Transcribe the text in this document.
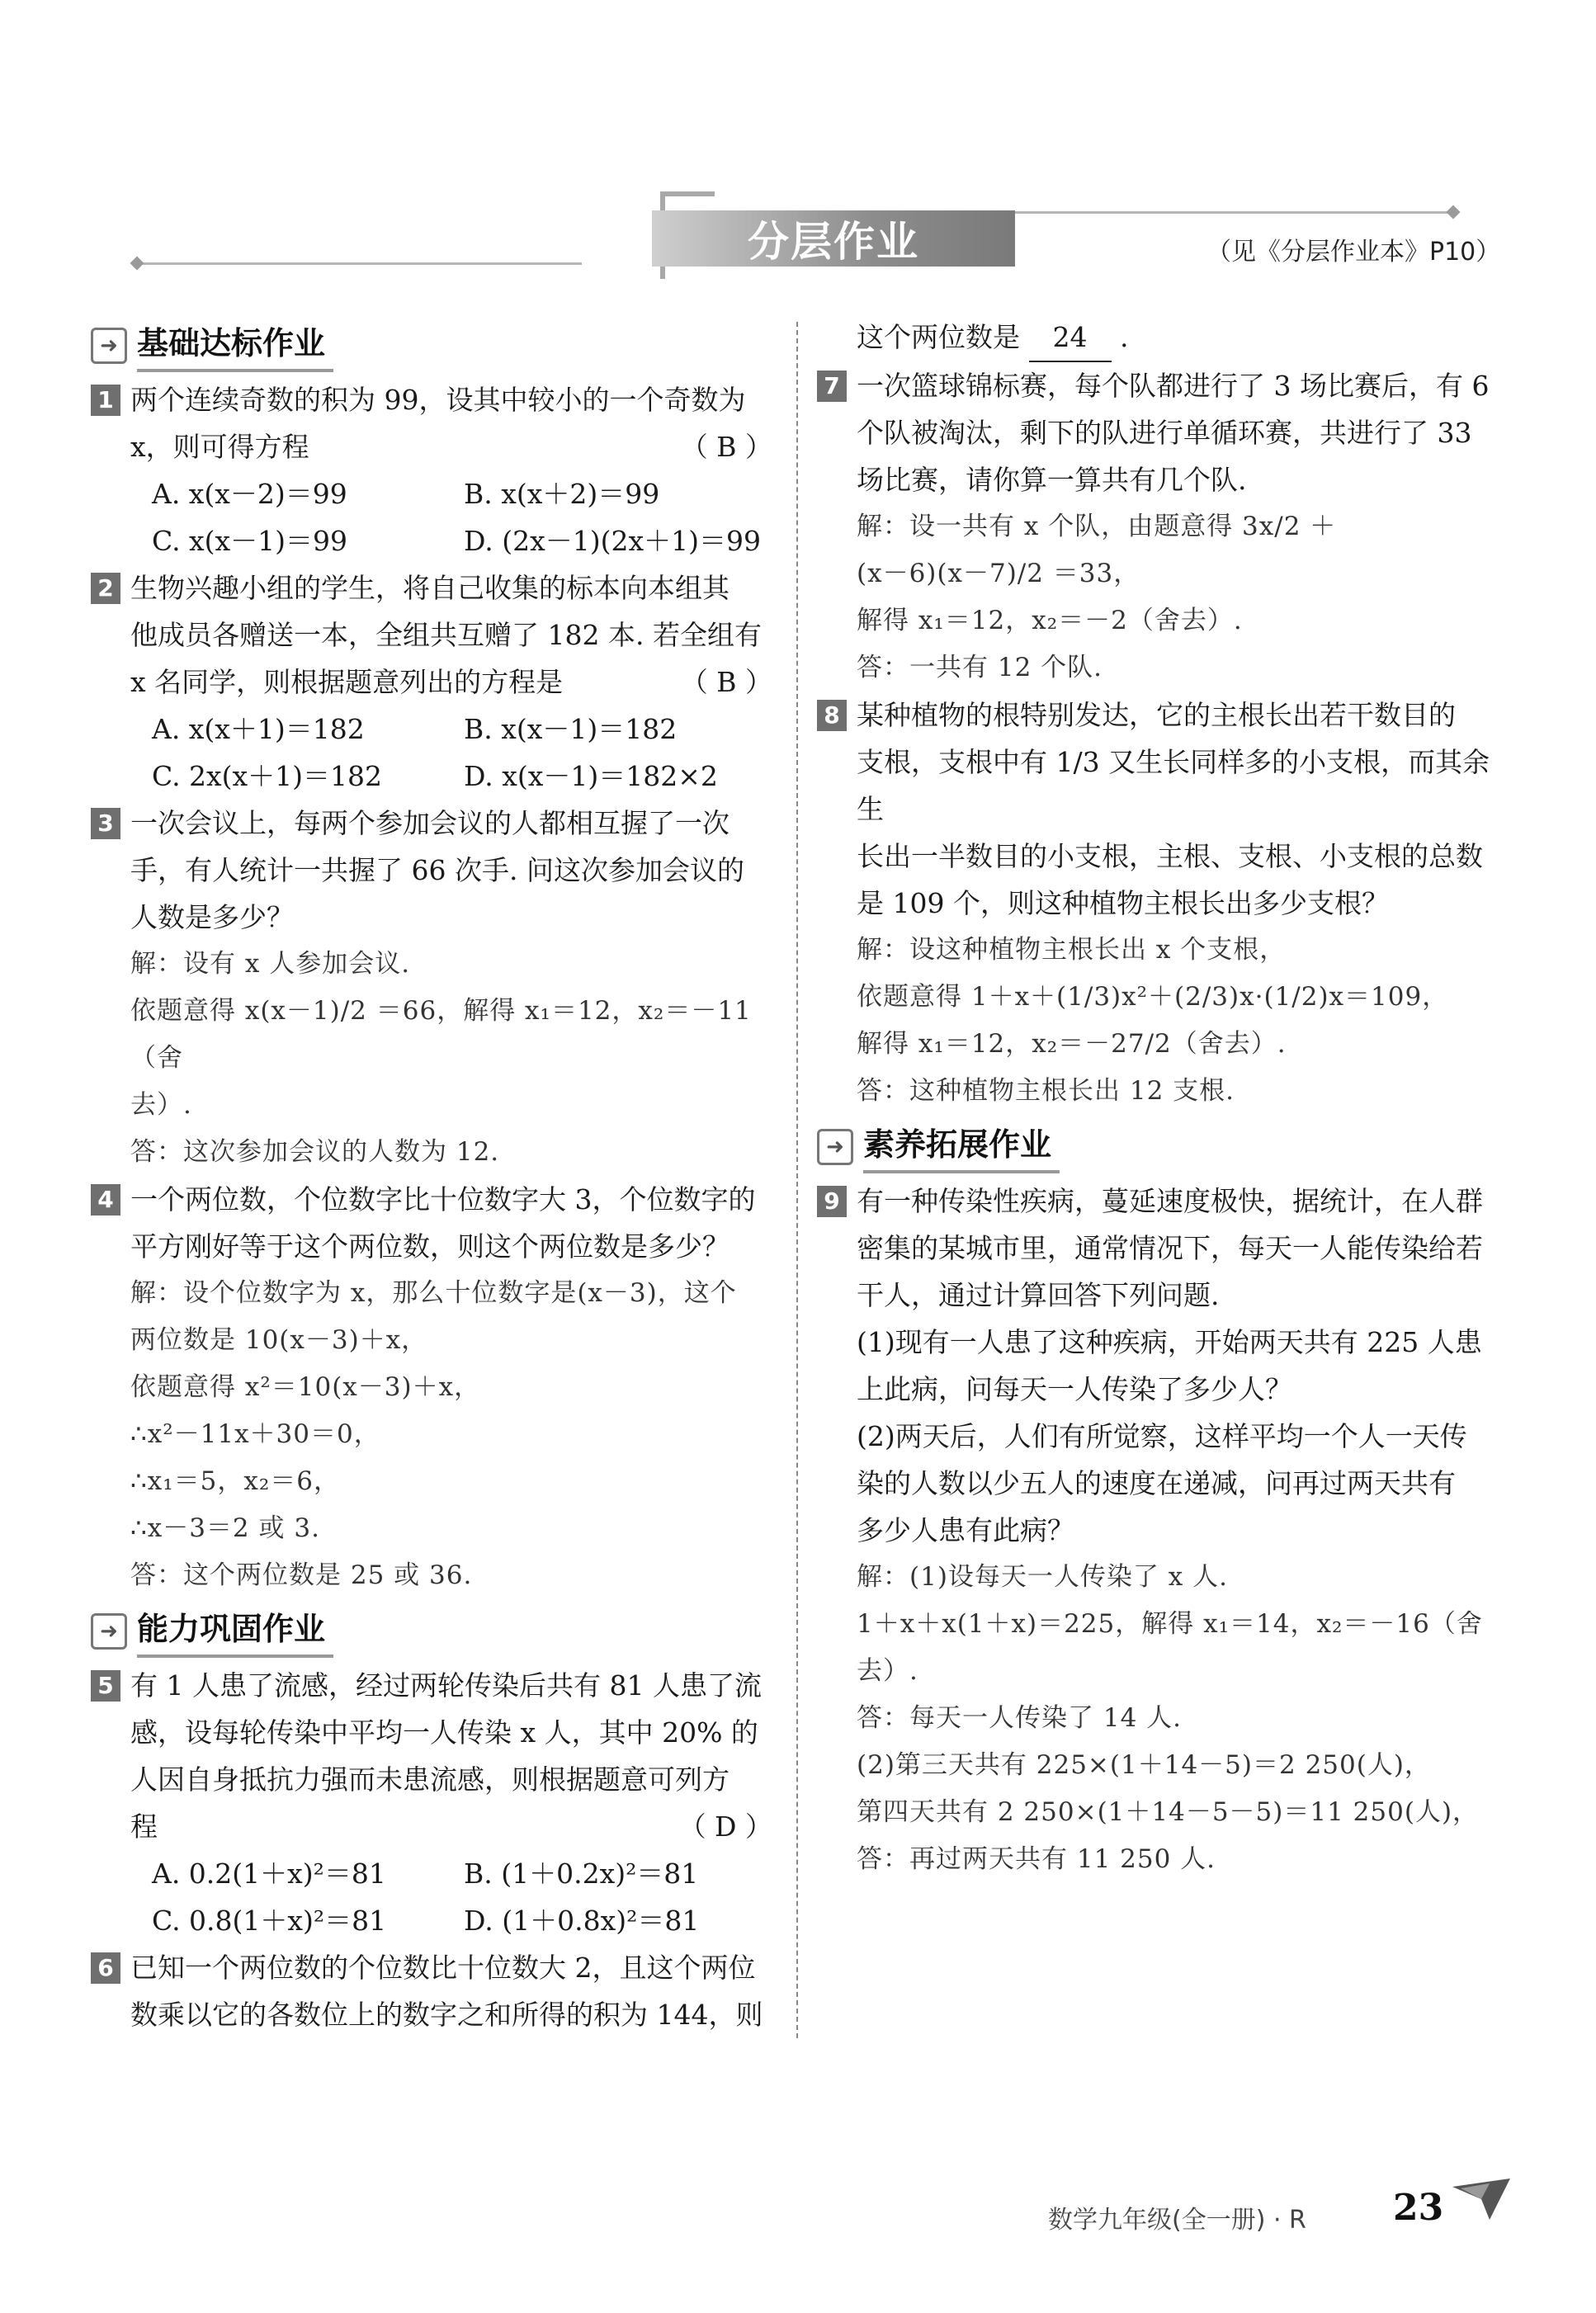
分层作业	（见《分层作业本》P10）
➜ 基础达标作业
1 两个连续奇数的积为 99，设其中较小的一个奇数为
x，则可得方程	（ B ）
A. x(x－2)＝99	B. x(x＋2)＝99
C. x(x－1)＝99	D. (2x－1)(2x＋1)＝99
2 生物兴趣小组的学生，将自己收集的标本向本组其
他成员各赠送一本，全组共互赠了 182 本. 若全组有
x 名同学，则根据题意列出的方程是	（ B ）
A. x(x＋1)＝182	B. x(x－1)＝182
C. 2x(x＋1)＝182	D. x(x－1)＝182×2
3 一次会议上，每两个参加会议的人都相互握了一次
手，有人统计一共握了 66 次手. 问这次参加会议的
人数是多少？
解：设有 x 人参加会议.
依题意得 x(x－1)/2 ＝66，解得 x₁＝12，x₂＝－11（舍
去）.
答：这次参加会议的人数为 12.
4 一个两位数，个位数字比十位数字大 3，个位数字的
平方刚好等于这个两位数，则这个两位数是多少？
解：设个位数字为 x，那么十位数字是(x－3)，这个
两位数是 10(x－3)＋x，
依题意得 x²＝10(x－3)＋x，
∴x²－11x＋30＝0，
∴x₁＝5，x₂＝6，
∴x－3＝2 或 3.
答：这个两位数是 25 或 36.
➜ 能力巩固作业
5 有 1 人患了流感，经过两轮传染后共有 81 人患了流
感，设每轮传染中平均一人传染 x 人，其中 20% 的
人因自身抵抗力强而未患流感，则根据题意可列方
程	（ D ）
A. 0.2(1＋x)²＝81	B. (1＋0.2x)²＝81
C. 0.8(1＋x)²＝81	D. (1＋0.8x)²＝81
6 已知一个两位数的个位数比十位数大 2，且这个两位
数乘以它的各数位上的数字之和所得的积为 144，则
这个两位数是 24 .
7 一次篮球锦标赛，每个队都进行了 3 场比赛后，有 6
个队被淘汰，剩下的队进行单循环赛，共进行了 33
场比赛，请你算一算共有几个队.
解：设一共有 x 个队，由题意得 3x/2 ＋
(x－6)(x－7)/2 ＝33，
解得 x₁＝12，x₂＝－2（舍去）.
答：一共有 12 个队.
8 某种植物的根特别发达，它的主根长出若干数目的
支根，支根中有 1/3 又生长同样多的小支根，而其余生
长出一半数目的小支根，主根、支根、小支根的总数
是 109 个，则这种植物主根长出多少支根？
解：设这种植物主根长出 x 个支根，
依题意得 1＋x＋(1/3)x²＋(2/3)x·(1/2)x＝109，
解得 x₁＝12，x₂＝－27/2（舍去）.
答：这种植物主根长出 12 支根.
➜ 素养拓展作业
9 有一种传染性疾病，蔓延速度极快，据统计，在人群
密集的某城市里，通常情况下，每天一人能传染给若
干人，通过计算回答下列问题.
(1)现有一人患了这种疾病，开始两天共有 225 人患
上此病，问每天一人传染了多少人？
(2)两天后，人们有所觉察，这样平均一个人一天传
染的人数以少五人的速度在递减，问再过两天共有
多少人患有此病？
解：(1)设每天一人传染了 x 人.
1＋x＋x(1＋x)＝225，解得 x₁＝14，x₂＝－16（舍
去）.
答：每天一人传染了 14 人.
(2)第三天共有 225×(1＋14－5)＝2 250(人)，
第四天共有 2 250×(1＋14－5－5)＝11 250(人)，
答：再过两天共有 11 250 人.
数学九年级(全一册) · R 23
